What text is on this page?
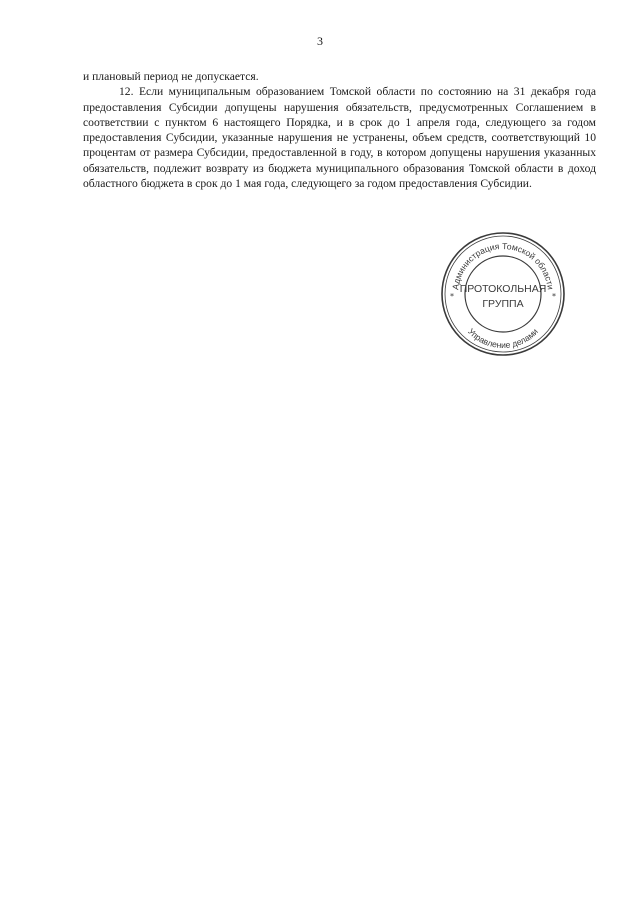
3

и плановый период не допускается.

12. Если муниципальным образованием Томской области по состоянию на 31 декабря года предоставления Субсидии допущены нарушения обязательств, предусмотренных Соглашением в соответствии с пунктом 6 настоящего Порядка, и в срок до 1 апреля года, следующего за годом предоставления Субсидии, указанные нарушения не устранены, объем средств, соответствующий 10 процентам от размера Субсидии, предоставленной в году, в котором допущены нарушения указанных обязательств, подлежит возврату из бюджета муниципального образования Томской области в доход областного бюджета в срок до 1 мая года, следующего за годом предоставления Субсидии.

Администрация Томской области
Управление делами
*	*
ПРОТОКОЛЬНАЯ
ГРУППА
